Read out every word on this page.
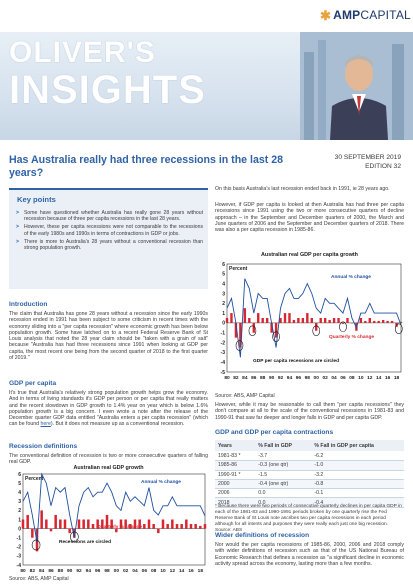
✱ AMPCAPITAL
OLIVER'S
INSIGHTS
Has Australia really had three recessions in the last 28 years?
30 SEPTEMBER 2019
EDITION 32
Key points
> Some have questioned whether Australia has really gone 28 years without recession because of three per capita recessions in the last 28 years.
> However, these per capita recessions were not comparable to the recessions of the early 1980s and 1990s in terms of contractions in GDP or jobs.
> There is more to Australia's 28 years without a conventional recession than strong population growth.
Introduction
The claim that Australia has gone 28 years without a recession since the early 1990s recession ended in 1991 has been subject to some criticism in recent times with the economy sliding into a "per capita recession" where economic growth has been below population growth. Some have latched on to a recent Federal Reserve Bank of St Louis analysis that noted the 28 year claim should be "taken with a grain of salt" because "Australia has had three recessions since 1991 when looking at GDP per capita, the most recent one being from the second quarter of 2018 to the first quarter of 2019."
GDP per capita
It's true that Australia's relatively strong population growth helps grow the economy. And in terms of living standards it's GDP per person or per capita that really matters and the recent slowdown in GDP growth to 1.4% year on year which is below 1.6% population growth is a big concern. I even wrote a note after the release of the December quarter GDP data entitled "Australia enters a per capita recession" (which can be found here). But it does not measure up as a conventional recession.
Recession definitions
The conventional definition of recession is two or more consecutive quarters of falling real GDP.
Australian real GDP growth
6
5
4
3
2
1
0
-1
-2
-3
-4
80 82 84 86 88 90 92 94 96 98 00 02 04 06 08 10 12 14 16 18
Percent
Annual % change
Quarterly % change
Recessions are circled
Source: ABS, AMP Capital
On this basis Australia's last recession ended back in 1991, ie 28 years ago.
However, if GDP per capita is looked at then Australia has had three per capita recessions since 1991 using the two or more consecutive quarters of decline approach – in the September and December quarters of 2000, the March and June quarters of 2006 and the September and December quarters of 2018. There was also a per capita recession in 1985-86.
Australian real GDP per capita growth
6
5
4
3
2
1
0
-1
-2
-3
-4
-5
80 82 84 86 88 90 92 94 96 98 00 02 04 06 08 10 12 14 16 18
Percent
Annual % change
Quarterly % change
GDP per capita recessions are circled
Source: ABS, AMP Capital
However, while it may be reasonable to call them "per capita recessions" they don't compare at all to the scale of the conventional recessions in 1981-83 and 1990-91 that saw far deeper and longer falls in GDP and per capita GDP.
GDP and GDP per capita contractions
Years	% Fall in GDP	% Fall in GDP per capita
1981-83 *	-3.7	-6.2
1985-86	-0.3 (one qtr)	-1.0
1990-91 *	-1.5	-3.2
2000	-0.4 (one qtr)	-0.8
2006	0.0	-0.1
2018	0.0	-0.4
* Because there were two periods of consecutive quarterly declines in per capita GDP in each of the 1981-83 and 1990-1991 periods broken by one quarterly rise the Fed Reserve Bank of St Louis note ascribes two per capita recessions in each period although for all intents and purposes they were really each just one big recession. Source: ABS
Wider definitions of recession
Nor would the per capita recessions of 1985-86, 2000, 2006 and 2018 comply with wider definitions of recession such as that of the US National Bureau of Economic Research that defines a recession as "a significant decline in economic activity spread across the economy, lasting more than a few months.
